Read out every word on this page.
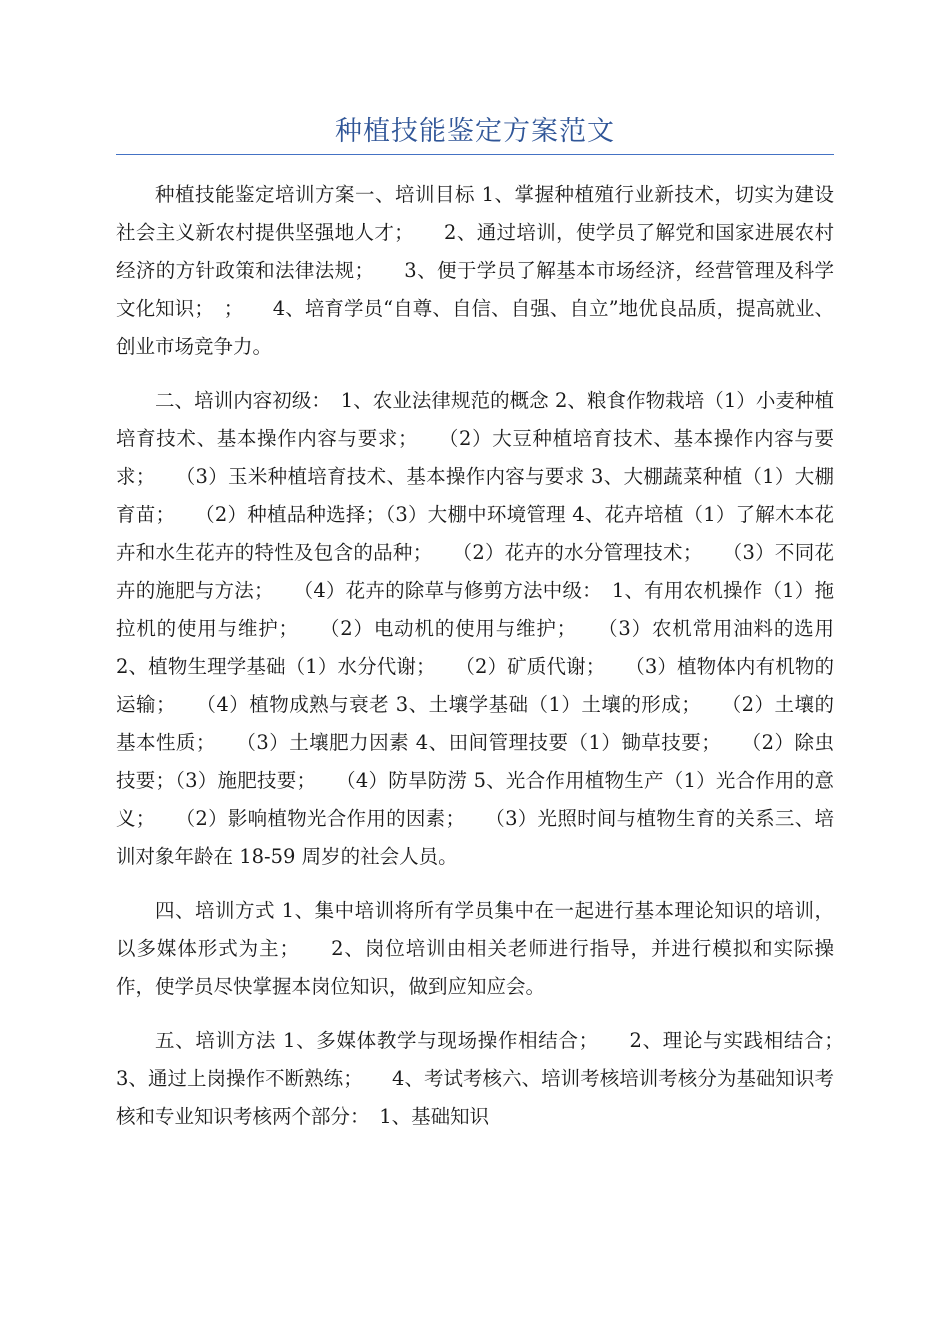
种植技能鉴定方案范文

种植技能鉴定培训方案一、培训目标 1、掌握种植殖行业新技术，切实为建设社会主义新农村提供坚强地人才；　　2、通过培训，使学员了解党和国家进展农村经济的方针政策和法律法规；　　3、便于学员了解基本市场经济，经营管理及科学文化知识；　；　　4、培育学员“自尊、自信、自强、自立”地优良品质，提高就业、创业市场竞争力。

二、培训内容初级：　1、农业法律规范的概念 2、粮食作物栽培（1）小麦种植培育技术、基本操作内容与要求；　　（2）大豆种植培育技术、基本操作内容与要求；　　（3）玉米种植培育技术、基本操作内容与要求 3、大棚蔬菜种植（1）大棚育苗；　　（2）种植品种选择；（3）大棚中环境管理 4、花卉培植（1）了解木本花卉和水生花卉的特性及包含的品种；　　（2）花卉的水分管理技术；　　（3）不同花卉的施肥与方法；　　（4）花卉的除草与修剪方法中级：　1、有用农机操作（1）拖拉机的使用与维护；　　（2）电动机的使用与维护；　　（3）农机常用油料的选用 2、植物生理学基础（1）水分代谢；　　（2）矿质代谢；　　（3）植物体内有机物的运输；　　（4）植物成熟与衰老 3、土壤学基础（1）土壤的形成；　　（2）土壤的基本性质；　　（3）土壤肥力因素 4、田间管理技要（1）锄草技要；　　（2）除虫技要；（3）施肥技要；　　（4）防旱防涝 5、光合作用植物生产（1）光合作用的意义；　　（2）影响植物光合作用的因素；　　（3）光照时间与植物生育的关系三、培训对象年龄在 18-59 周岁的社会人员。

四、培训方式 1、集中培训将所有学员集中在一起进行基本理论知识的培训，以多媒体形式为主；　　2、岗位培训由相关老师进行指导，并进行模拟和实际操作，使学员尽快掌握本岗位知识，做到应知应会。

五、培训方法 1、多媒体教学与现场操作相结合；　　2、理论与实践相结合；　　3、通过上岗操作不断熟练；　　4、考试考核六、培训考核培训考核分为基础知识考核和专业知识考核两个部分：　1、基础知识
